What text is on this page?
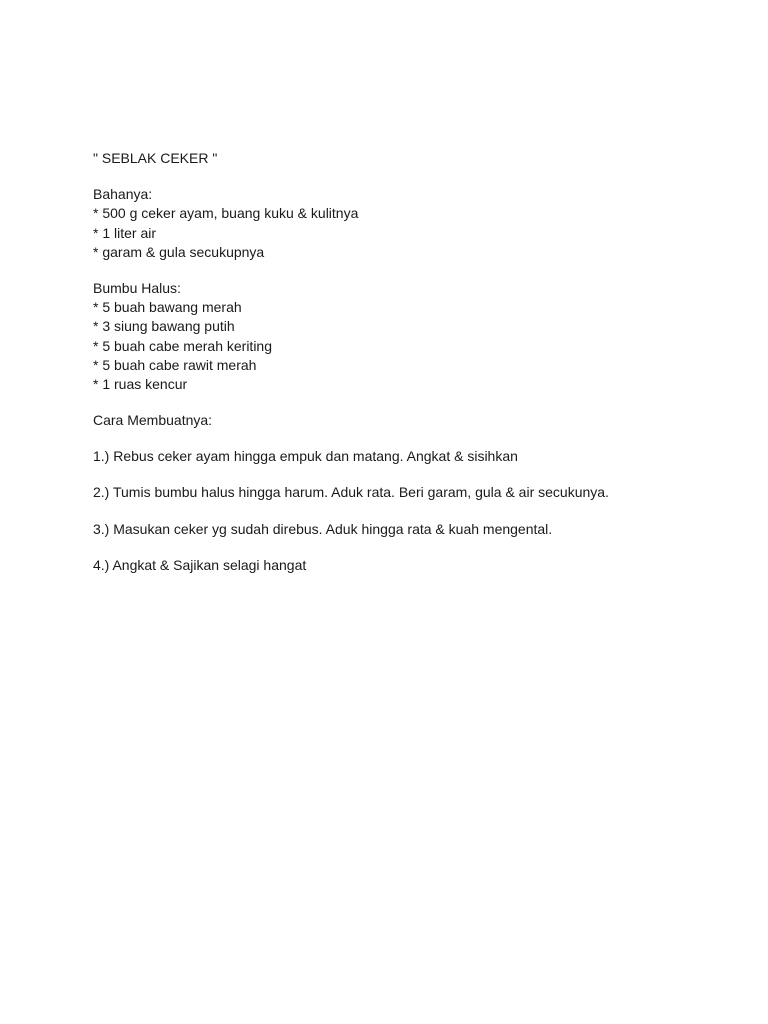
" SEBLAK CEKER "
Bahanya:
* 500 g ceker ayam, buang kuku & kulitnya
* 1 liter air
* garam & gula secukupnya
Bumbu Halus:
* 5 buah bawang merah
* 3 siung bawang putih
* 5 buah cabe merah keriting
* 5 buah cabe rawit merah
* 1 ruas kencur
Cara Membuatnya:
1.) Rebus ceker ayam hingga empuk dan matang. Angkat & sisihkan
2.) Tumis bumbu halus hingga harum. Aduk rata. Beri garam, gula & air secukunya.
3.) Masukan ceker yg sudah direbus. Aduk hingga rata & kuah mengental.
4.) Angkat & Sajikan selagi hangat
